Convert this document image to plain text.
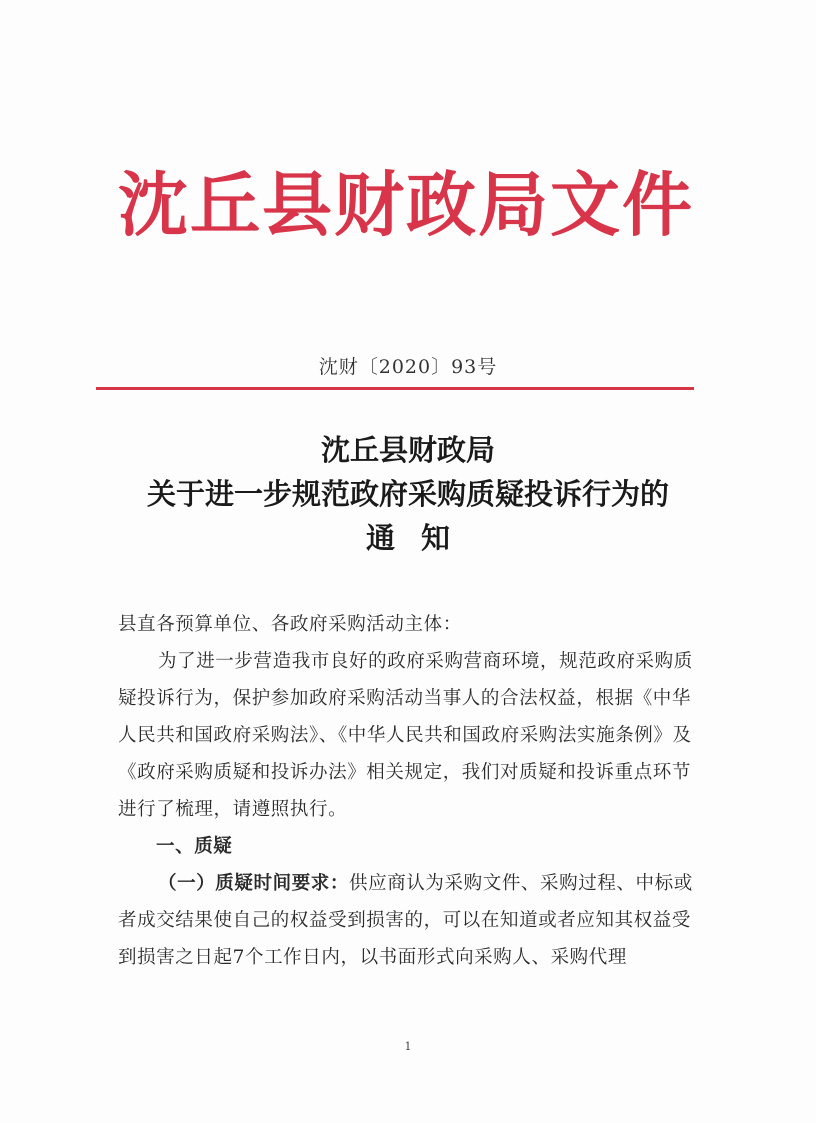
沈丘县财政局文件
沈财〔2020〕93号
沈丘县财政局
关于进一步规范政府采购质疑投诉行为的
通知

县直各预算单位、各政府采购活动主体：

为了进一步营造我市良好的政府采购营商环境，规范政府采购质疑投诉行为，保护参加政府采购活动当事人的合法权益，根据《中华人民共和国政府采购法》、《中华人民共和国政府采购法实施条例》及《政府采购质疑和投诉办法》相关规定，我们对质疑和投诉重点环节进行了梳理，请遵照执行。

一、质疑

（一）质疑时间要求：供应商认为采购文件、采购过程、中标或者成交结果使自己的权益受到损害的，可以在知道或者应知其权益受到损害之日起7个工作日内，以书面形式向采购人、采购代理

1
